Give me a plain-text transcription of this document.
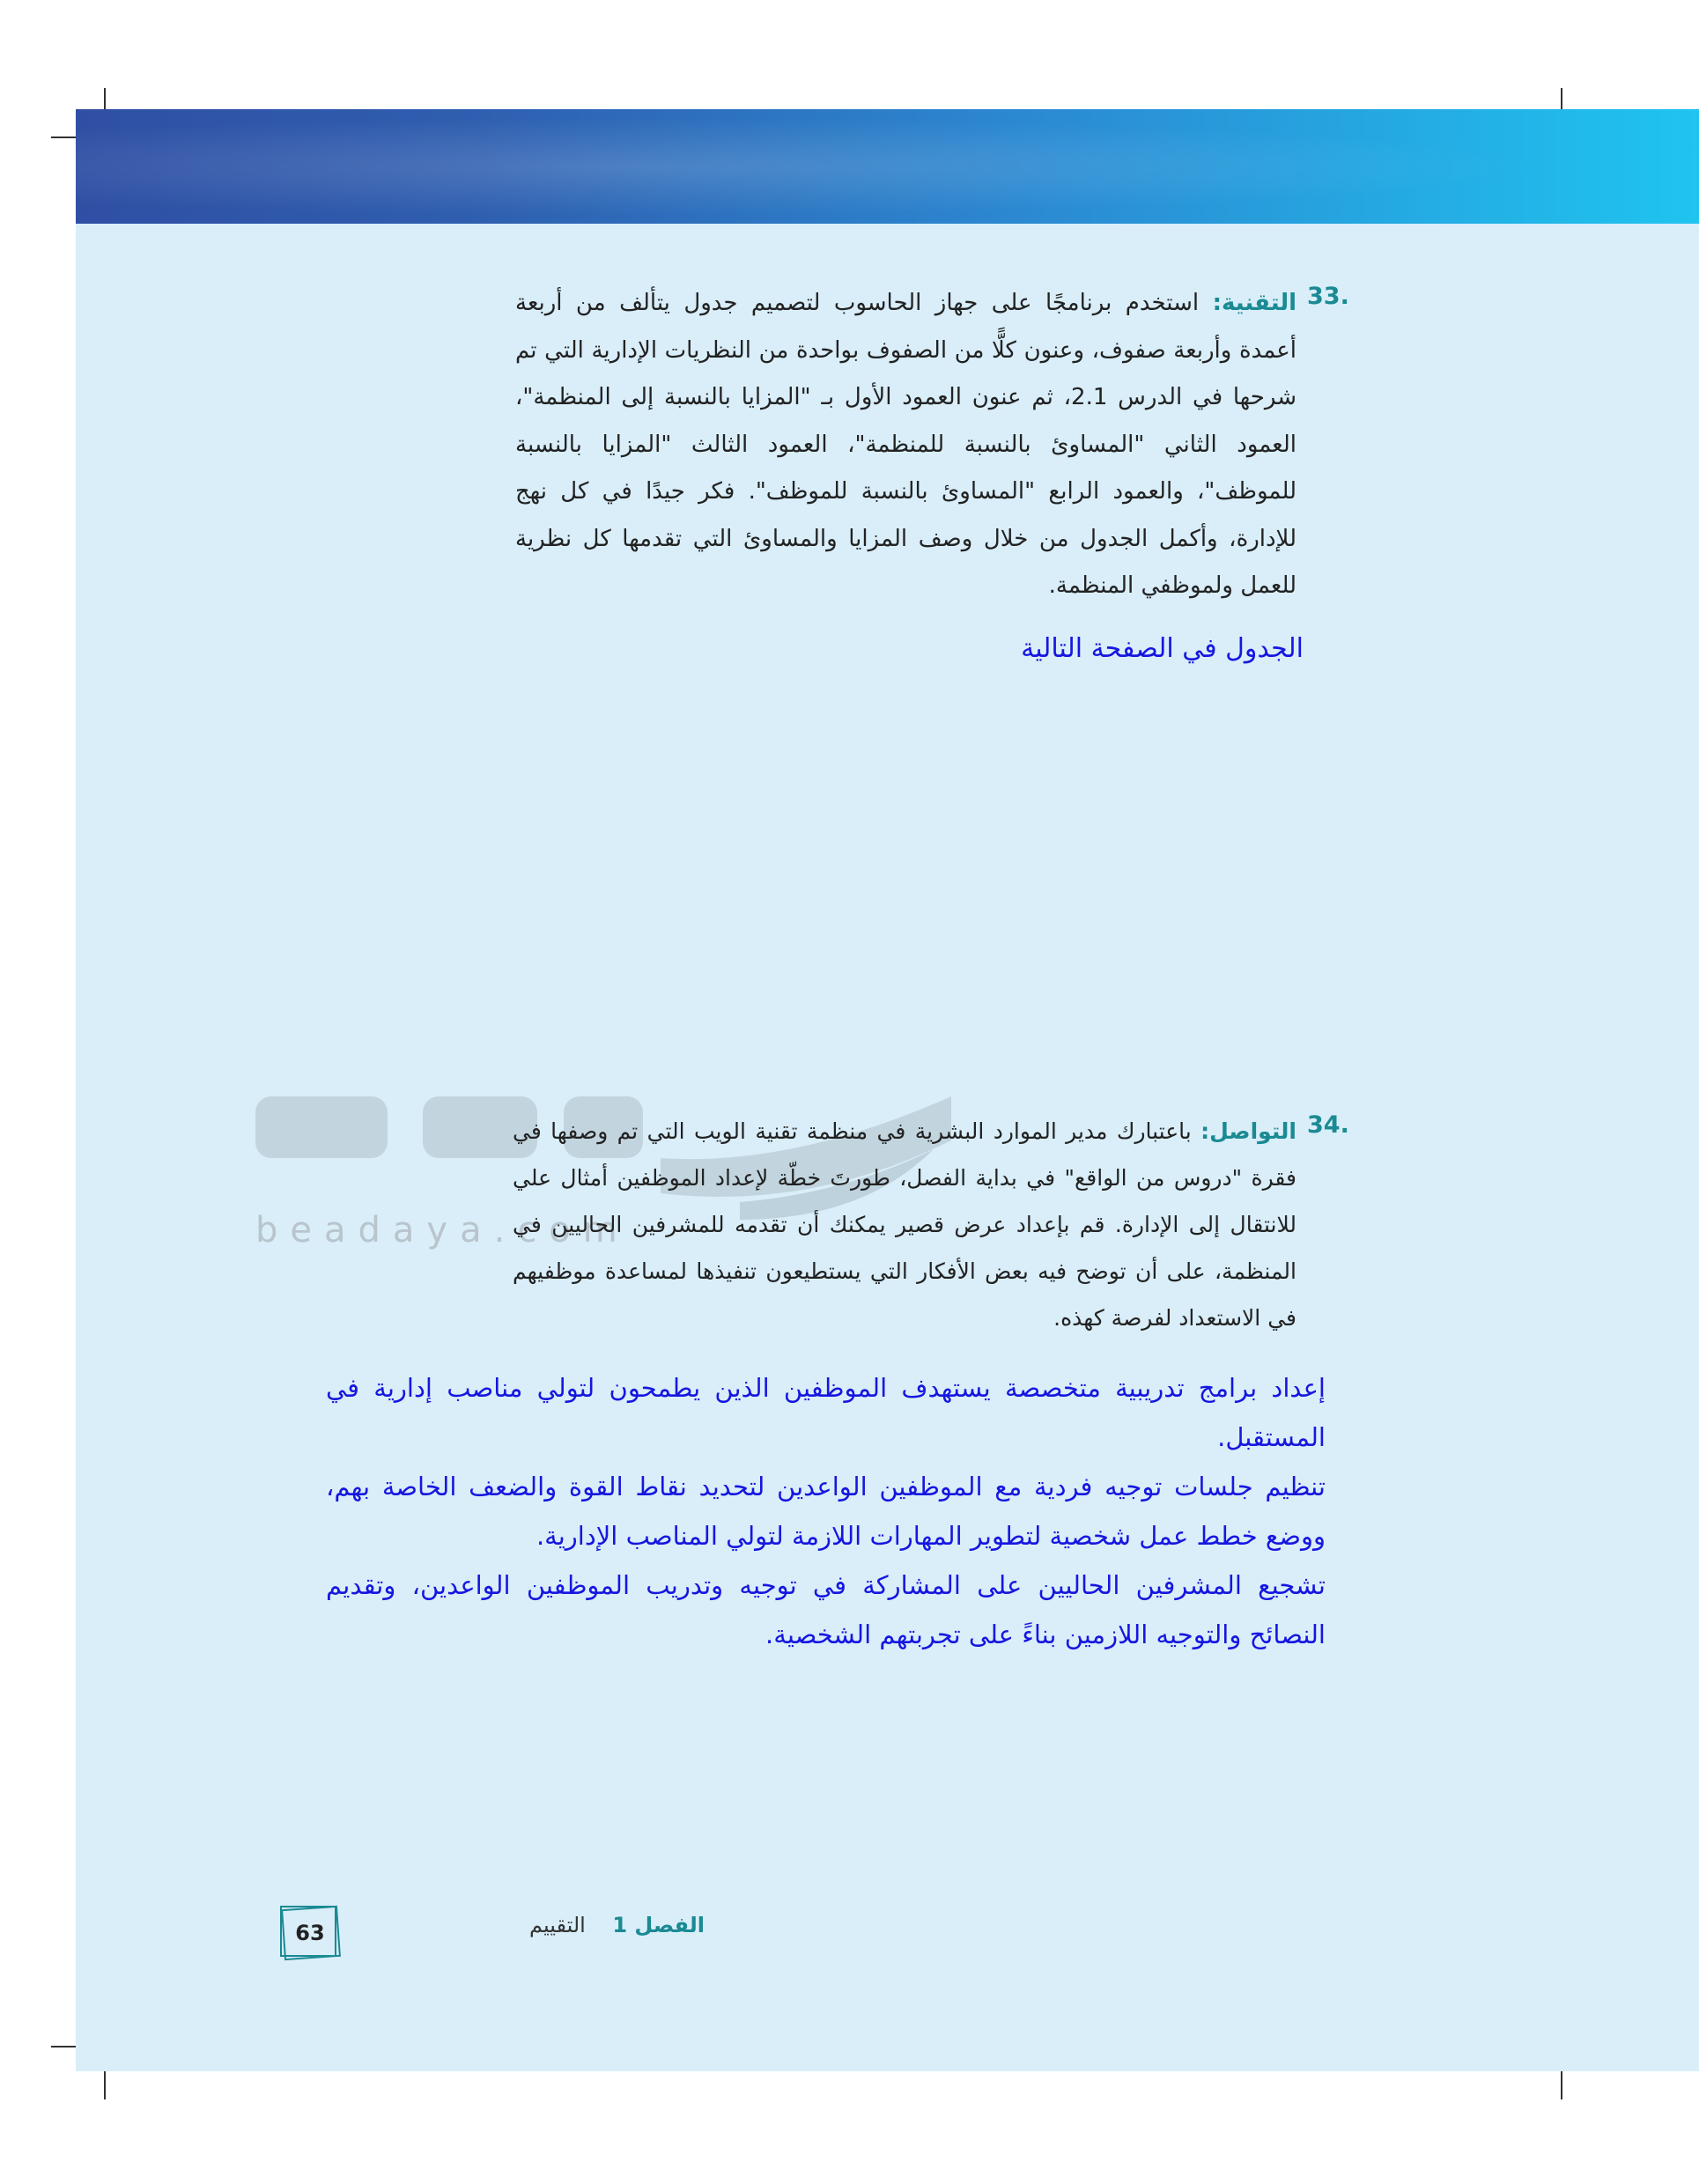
beadaya.com
33.
التقنية: استخدم برنامجًا على جهاز الحاسوب لتصميم جدول يتألف من أربعة أعمدة وأربعة صفوف، وعنون كلًّا من الصفوف بواحدة من النظريات الإدارية التي تم شرحها في الدرس 2.1، ثم عنون العمود الأول بـ "المزايا بالنسبة إلى المنظمة"، العمود الثاني "المساوئ بالنسبة للمنظمة"، العمود الثالث "المزايا بالنسبة للموظف"، والعمود الرابع "المساوئ بالنسبة للموظف". فكر جيدًا في كل نهج للإدارة، وأكمل الجدول من خلال وصف المزايا والمساوئ التي تقدمها كل نظرية للعمل ولموظفي المنظمة.
الجدول في الصفحة التالية
34.
التواصل: باعتبارك مدير الموارد البشرية في منظمة تقنية الويب التي تم وصفها في فقرة "دروس من الواقع" في بداية الفصل، طورتَ خطّة لإعداد الموظفين أمثال علي للانتقال إلى الإدارة. قم بإعداد عرض قصير يمكنك أن تقدمه للمشرفين الحاليين في المنظمة، على أن توضح فيه بعض الأفكار التي يستطيعون تنفيذها لمساعدة موظفيهم في الاستعداد لفرصة كهذه.

إعداد برامج تدريبية متخصصة يستهدف الموظفين الذين يطمحون لتولي مناصب إدارية في المستقبل.

تنظيم جلسات توجيه فردية مع الموظفين الواعدين لتحديد نقاط القوة والضعف الخاصة بهم، ووضع خطط عمل شخصية لتطوير المهارات اللازمة لتولي المناصب الإدارية.

تشجيع المشرفين الحاليين على المشاركة في توجيه وتدريب الموظفين الواعدين، وتقديم النصائح والتوجيه اللازمين بناءً على تجربتهم الشخصية.

الفصل 1    التقييم
63
